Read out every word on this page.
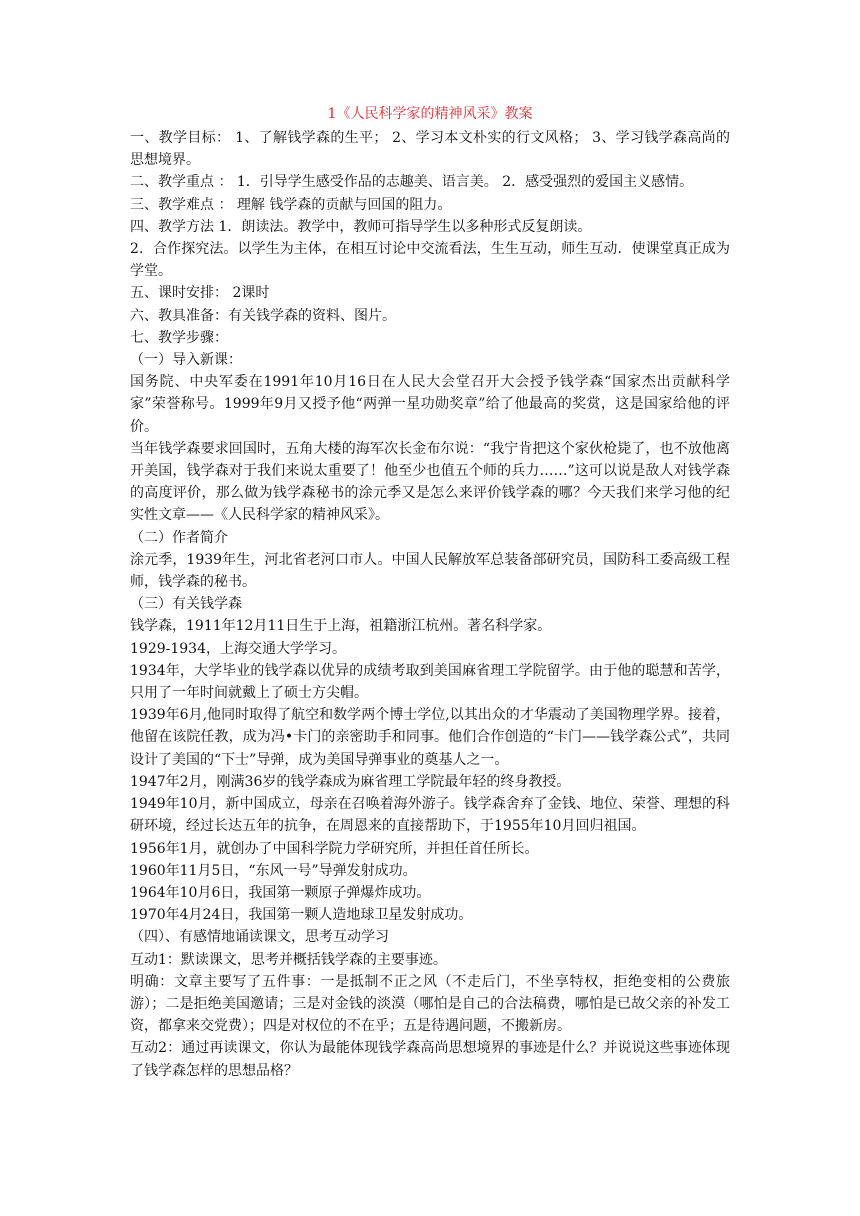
1《人民科学家的精神风采》教案

一、教学目标： 1、了解钱学森的生平； 2、学习本文朴实的行文风格； 3、学习钱学森高尚的思想境界。

二、教学重点 ： 1．引导学生感受作品的志趣美、语言美。 2．感受强烈的爱国主义感情。

三、教学难点 ： 理解 钱学森的贡献与回国的阻力。

四、教学方法 1．朗读法。教学中，教师可指导学生以多种形式反复朗读。

2．合作探究法。以学生为主体，在相互讨论中交流看法，生生互动，师生互动．使课堂真正成为学堂。

五、课时安排： 2课时

六、教具准备：有关钱学森的资料、图片。

七、教学步骤：

（一）导入新课：

国务院、中央军委在1991年10月16日在人民大会堂召开大会授予钱学森“国家杰出贡献科学家”荣誉称号。1999年9月又授予他“两弹一星功勋奖章”给了他最高的奖赏，这是国家给他的评价。

当年钱学森要求回国时，五角大楼的海军次长金布尔说：“我宁肯把这个家伙枪毙了，也不放他离开美国，钱学森对于我们来说太重要了！他至少也值五个师的兵力……”这可以说是敌人对钱学森的高度评价，那么做为钱学森秘书的涂元季又是怎么来评价钱学森的哪？今天我们来学习他的纪实性文章——《人民科学家的精神风采》。

（二）作者简介

涂元季，1939年生，河北省老河口市人。中国人民解放军总装备部研究员，国防科工委高级工程师，钱学森的秘书。

（三）有关钱学森

钱学森，1911年12月11日生于上海，祖籍浙江杭州。著名科学家。

1929-1934，上海交通大学学习。

1934年，大学毕业的钱学森以优异的成绩考取到美国麻省理工学院留学。由于他的聪慧和苦学，只用了一年时间就戴上了硕士方尖帽。

1939年6月,他同时取得了航空和数学两个博士学位,以其出众的才华震动了美国物理学界。接着，他留在该院任教，成为冯•卡门的亲密助手和同事。他们合作创造的“卡门——钱学森公式”，共同设计了美国的“下士”导弹，成为美国导弹事业的奠基人之一。

1947年2月，刚满36岁的钱学森成为麻省理工学院最年轻的终身教授。

1949年10月，新中国成立，母亲在召唤着海外游子。钱学森舍弃了金钱、地位、荣誉、理想的科研环境，经过长达五年的抗争，在周恩来的直接帮助下，于1955年10月回归祖国。

1956年1月，就创办了中国科学院力学研究所，并担任首任所长。

1960年11月5日，“东风一号”导弹发射成功。

1964年10月6日，我国第一颗原子弹爆炸成功。

1970年4月24日，我国第一颗人造地球卫星发射成功。

（四）、有感情地诵读课文，思考互动学习

互动1：默读课文，思考并概括钱学森的主要事迹。

明确：文章主要写了五件事：一是抵制不正之风（不走后门，不坐享特权，拒绝变相的公费旅游）；二是拒绝美国邀请；三是对金钱的淡漠（哪怕是自己的合法稿费，哪怕是已故父亲的补发工资，都拿来交党费）；四是对权位的不在乎；五是待遇问题，不搬新房。

互动2：通过再读课文，你认为最能体现钱学森高尚思想境界的事迹是什么？并说说这些事迹体现了钱学森怎样的思想品格？
